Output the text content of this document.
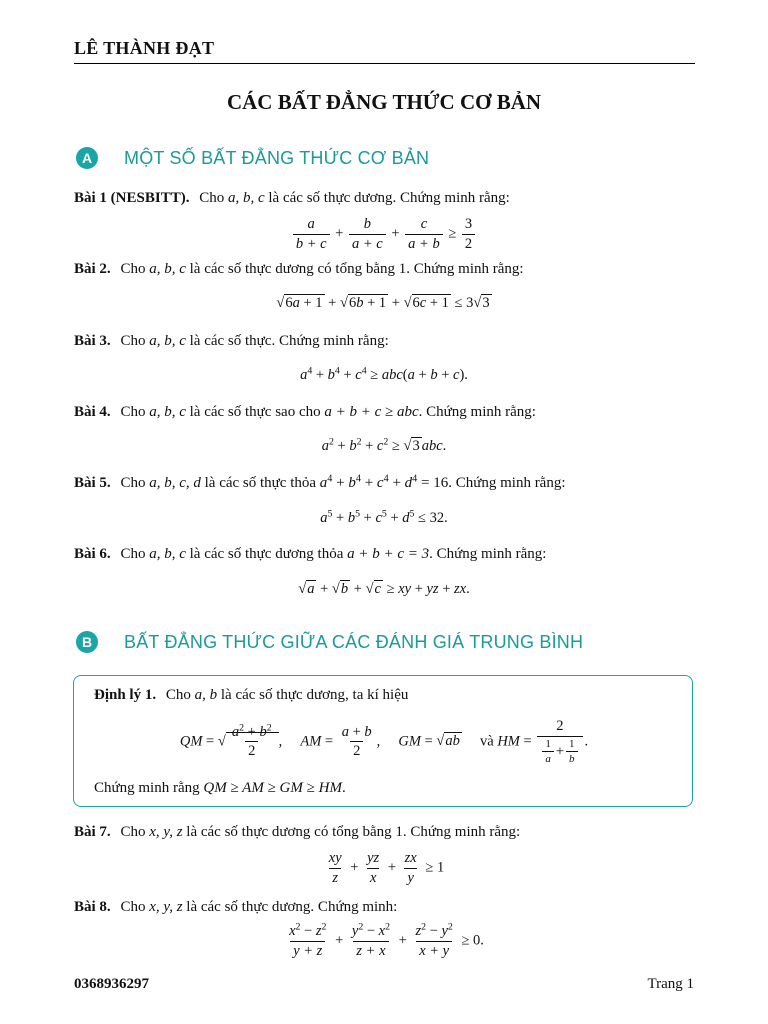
LÊ THÀNH ĐẠT
CÁC BẤT ĐẲNG THỨC CƠ BẢN
A	MỘT SỐ BẤT ĐẲNG THỨC CƠ BẢN
Bài 1 (NESBITT). Cho a, b, c là các số thực dương. Chứng minh rằng:
$\frac{a}{b + c} + \frac{b}{a + c} + \frac{c}{a + b} \ge \frac{3}{2}$
Bài 2. Cho a, b, c là các số thực dương có tổng bằng 1. Chứng minh rằng:
√6a + 1 + √6b + 1 + √6c + 1 ≤ 3√3
Bài 3. Cho a, b, c là các số thực. Chứng minh rằng:
$a^4 + b^4 + c^4 \ge abc(a + b + c)$.
Bài 4. Cho a, b, c là các số thực sao cho a + b + c ≥ abc. Chứng minh rằng:
$a^2 + b^2 + c^2 \ge √3$ abc.
Bài 5. Cho a, b, c, d là các số thực thỏa $a^4 + b^4 + c^4 + d^4 = 16$. Chứng minh rằng:
$a^5 + b^5 + c^5 + d^5 \le 32$.
Bài 6. Cho a, b, c là các số thực dương thỏa a + b + c = 3. Chứng minh rằng:
√a + √b + √c ≥ xy + yz + zx.
B	BẤT ĐẲNG THỨC GIỮA CÁC ĐÁNH GIÁ TRUNG BÌNH
Định lý 1. Cho a, b là các số thực dương, ta kí hiệu
QM = √ $\frac{a^2 + b^2}{2}$ ,     AM = $\frac{a + b}{2}$ ,     GM = √ab và HM = $\frac{2}{\frac{1}{a} + \frac{1}{b}}$ .
Chứng minh rằng QM ≥ AM ≥ GM ≥ HM.
Bài 7. Cho x, y, z là các số thực dương có tổng bằng 1. Chứng minh rằng:
$\frac{xy}{z} + \frac{yz}{x} + \frac{zx}{y} \ge 1$
Bài 8. Cho x, y, z là các số thực dương. Chứng minh:
$\frac{x^2 - z^2}{y + z} + \frac{y^2 - x^2}{z + x} + \frac{z^2 - y^2}{x + y} \ge 0$.
0368936297	Trang 1
